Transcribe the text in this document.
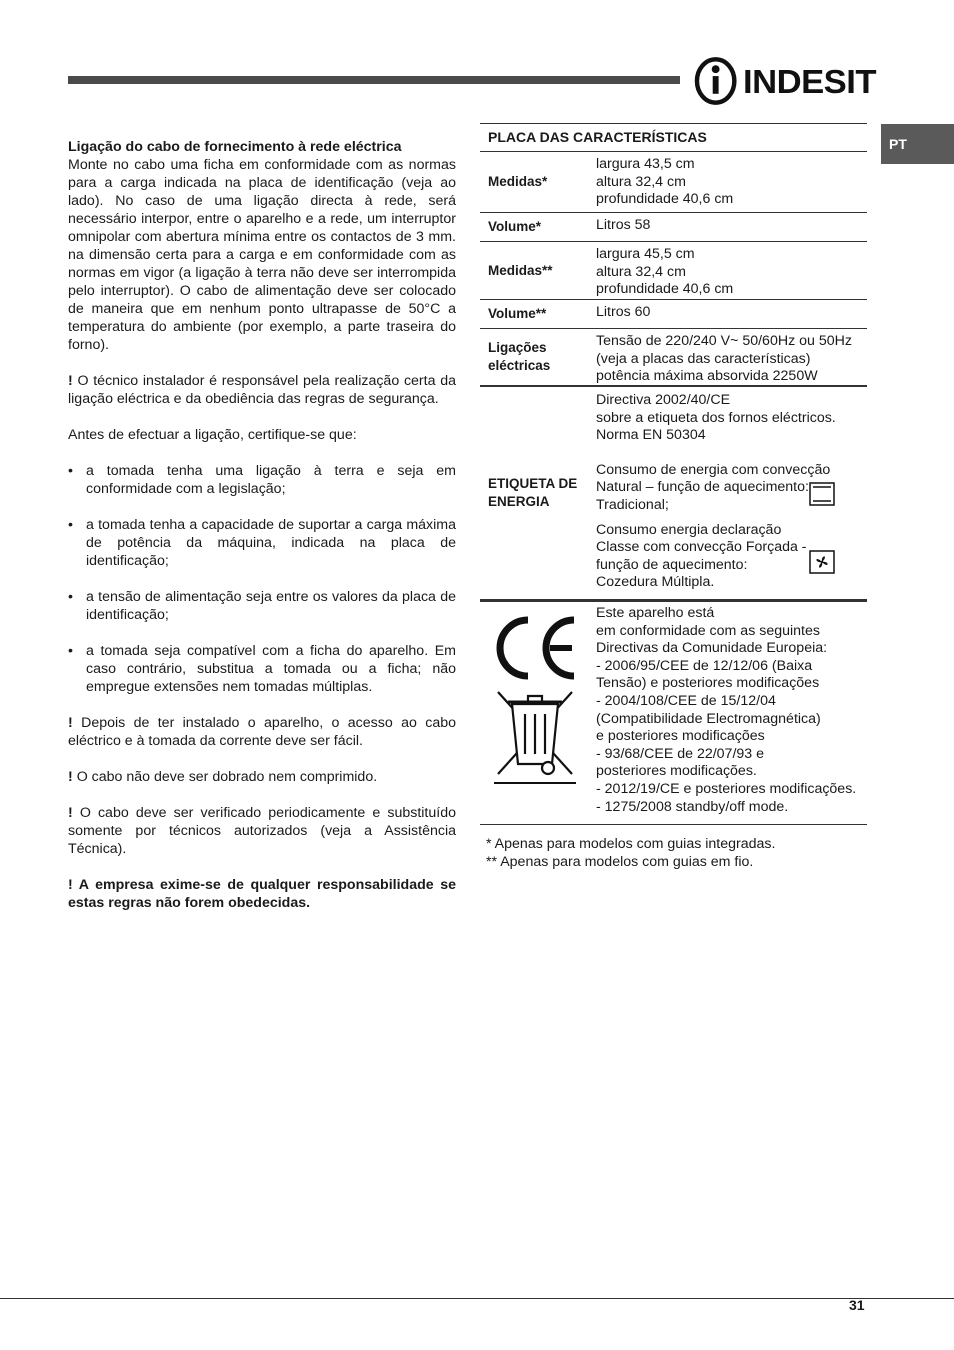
INDESIT
PT

Ligação do cabo de fornecimento à rede eléctrica

Monte no cabo uma ficha em conformidade com as normas para a carga indicada na placa de identificação (veja ao lado). No caso de uma ligação directa à rede, será necessário interpor, entre o aparelho e a rede, um interruptor omnipolar com abertura mínima entre os contactos de 3 mm. na dimensão certa para a carga e em conformidade com as normas em vigor (a ligação à terra não deve ser interrompida pelo interruptor). O cabo de alimentação deve ser colocado de maneira que em nenhum ponto ultrapasse de 50°C a temperatura do ambiente (por exemplo, a parte traseira do forno).

! O técnico instalador é responsável pela realização certa da ligação eléctrica e da obediência das regras de segurança.

Antes de efectuar a ligação, certifique-se que:

• a tomada tenha uma ligação à terra e seja em conformidade com a legislação;
• a tomada tenha a capacidade de suportar a carga máxima de potência da máquina, indicada na placa de identificação;
• a tensão de alimentação seja entre os valores da placa de identificação;
• a tomada seja compatível com a ficha do aparelho. Em caso contrário, substitua a tomada ou a ficha; não empregue extensões nem tomadas múltiplas.

! Depois de ter instalado o aparelho, o acesso ao cabo eléctrico e à tomada da corrente deve ser fácil.

! O cabo não deve ser dobrado nem comprimido.

! O cabo deve ser verificado periodicamente e substituído somente por técnicos autorizados (veja a Assistência Técnica).

! A empresa exime-se de qualquer responsabilidade se estas regras não forem obedecidas.

PLACA DAS CARACTERÍSTICAS
Medidas*
largura 43,5 cm
altura 32,4 cm
profundidade 40,6 cm
Volume*	Litros 58
Medidas**
largura 45,5 cm
altura 32,4 cm
profundidade 40,6 cm
Volume**	Litros 60
Ligações
eléctricas
Tensão de 220/240 V~ 50/60Hz ou 50Hz
(veja a placas das características)
potência máxima absorvida 2250W
ETIQUETA DE
ENERGIA
Directiva 2002/40/CE
sobre a etiqueta dos fornos eléctricos.
Norma EN 50304
Consumo de energia com convecção
Natural – função de aquecimento:
Tradicional;
Consumo energia declaração
Classe com convecção Forçada -
função de aquecimento:
Cozedura Múltipla.
Este aparelho está
em conformidade com as seguintes
Directivas da Comunidade Europeia:
- 2006/95/CEE de 12/12/06 (Baixa
Tensão) e posteriores modificações
- 2004/108/CEE de 15/12/04
(Compatibilidade Electromagnética)
e posteriores modificações
- 93/68/CEE de 22/07/93 e
posteriores modificações.
- 2012/19/CE e posteriores modificações.
- 1275/2008 standby/off mode.
* Apenas para modelos com guias integradas.
** Apenas para modelos com guias em fio.
31
